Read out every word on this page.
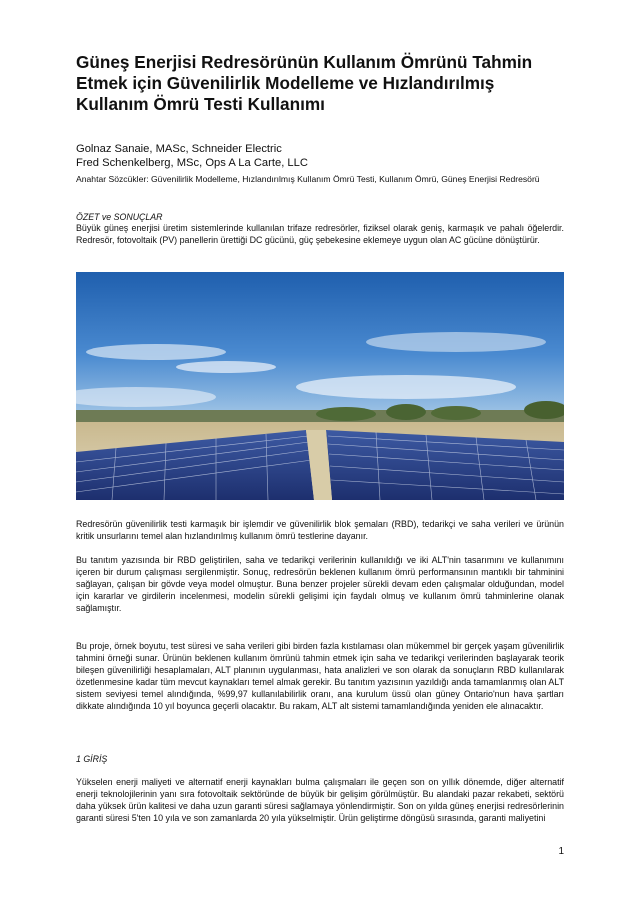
Güneş Enerjisi Redresörünün Kullanım Ömrünü Tahmin
Etmek için Güvenilirlik Modelleme ve Hızlandırılmış
Kullanım Ömrü Testi Kullanımı
Golnaz Sanaie, MASc, Schneider Electric
Fred Schenkelberg, MSc, Ops A La Carte, LLC
Anahtar Sözcükler: Güvenilirlik Modelleme, Hızlandırılmış Kullanım Ömrü Testi, Kullanım Ömrü, Güneş Enerjisi Redresörü
ÖZET ve SONUÇLAR

Büyük güneş enerjisi üretim sistemlerinde kullanılan trifaze redresörler, fiziksel olarak geniş, karmaşık ve pahalı öğelerdir. Redresör, fotovoltaik (PV) panellerin ürettiği DC gücünü, güç şebekesine eklemeye uygun olan AC gücüne dönüştürür.

Redresörün güvenilirlik testi karmaşık bir işlemdir ve güvenilirlik blok şemaları (RBD), tedarikçi ve saha verileri ve ürünün kritik unsurlarını temel alan hızlandırılmış kullanım ömrü testlerine dayanır.

Bu tanıtım yazısında bir RBD geliştirilen, saha ve tedarikçi verilerinin kullanıldığı ve iki ALT'nin tasarımını ve kullanımını içeren bir durum çalışması sergilenmiştir. Sonuç, redresörün beklenen kullanım ömrü performansının mantıklı bir tahminini sağlayan, çalışan bir gövde veya model olmuştur. Buna benzer projeler sürekli devam eden çalışmalar olduğundan, model için kararlar ve girdilerin incelenmesi, modelin sürekli gelişimi için faydalı olmuş ve kullanım ömrü tahminlerine olanak sağlamıştır.

Bu proje, örnek boyutu, test süresi ve saha verileri gibi birden fazla kıstılaması olan mükemmel bir gerçek yaşam güvenilirlik tahmini örneği sunar. Ürünün beklenen kullanım ömrünü tahmin etmek için saha ve tedarikçi verilerinden başlayarak teorik bileşen güvenilirliği hesaplamaları, ALT planının uygulanması, hata analizleri ve son olarak da sonuçların RBD kullanılarak özetlenmesine kadar tüm mevcut kaynakları temel almak gerekir. Bu tanıtım yazısının yazıldığı anda tamamlanmış olan ALT sistem seviyesi temel alındığında, %99,97 kullanılabilirlik oranı, ana kurulum üssü olan güney Ontario'nun hava şartları dikkate alındığında 10 yıl boyunca geçerli olacaktır. Bu rakam, ALT alt sistemi tamamlandığında yeniden ele alınacaktır.

1 GİRİŞ

Yükselen enerji maliyeti ve alternatif enerji kaynakları bulma çalışmaları ile geçen son on yıllık dönemde, diğer alternatif enerji teknolojilerinin yanı sıra fotovoltaik sektöründe de büyük bir gelişim görülmüştür. Bu alandaki pazar rekabeti, sektörü daha yüksek ürün kalitesi ve daha uzun garanti süresi sağlamaya yönlendirmiştir. Son on yılda güneş enerjisi redresörlerinin garanti süresi 5'ten 10 yıla ve son zamanlarda 20 yıla yükselmiştir. Ürün geliştirme döngüsü sırasında, garanti maliyetini

1
